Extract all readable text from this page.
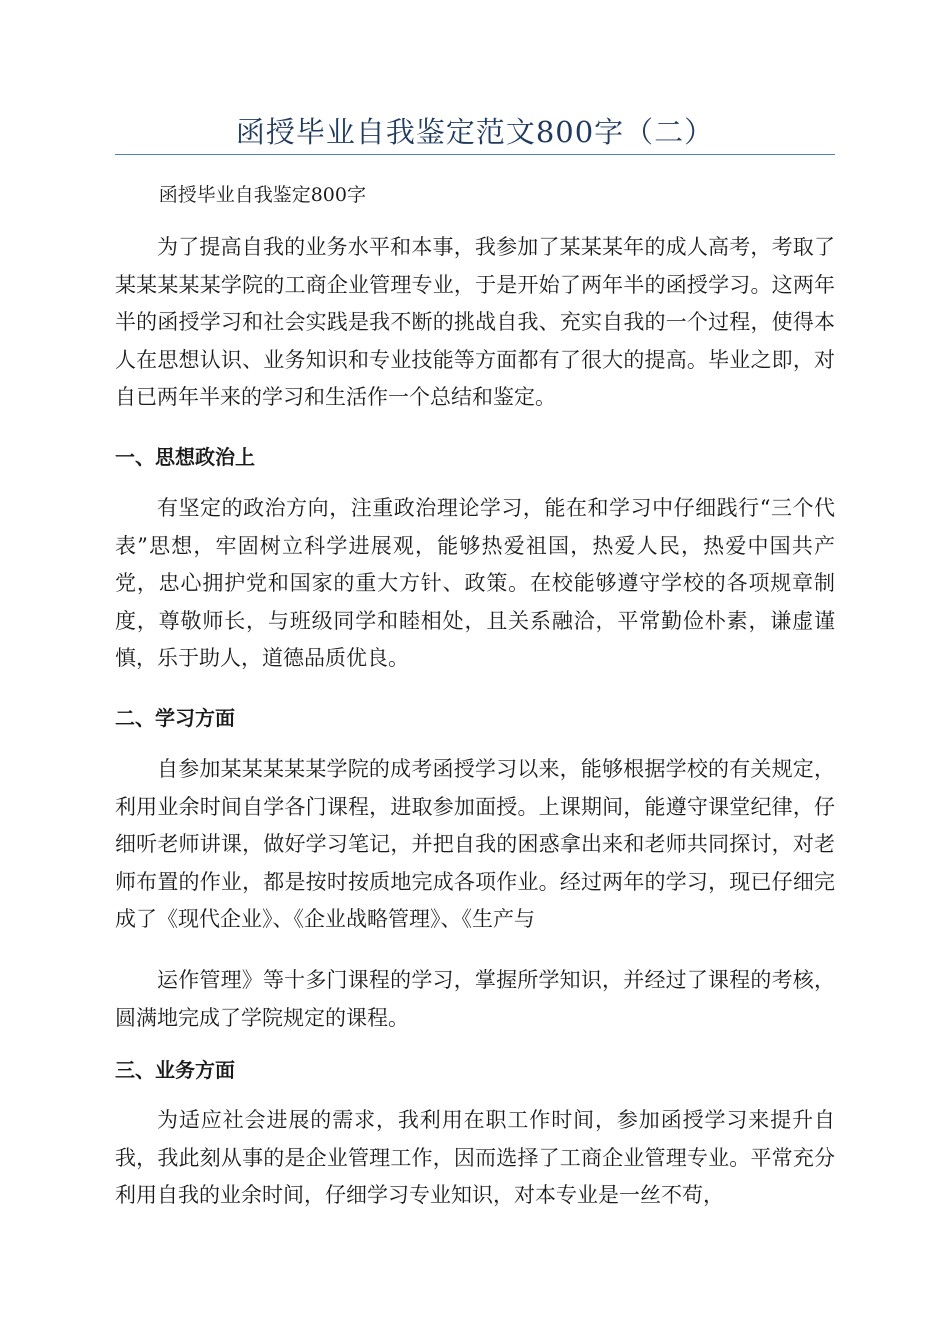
函授毕业自我鉴定范文800字（二）
函授毕业自我鉴定800字
为了提高自我的业务水平和本事，我参加了某某某年的成人高考，考取了某某某某某学院的工商企业管理专业，于是开始了两年半的函授学习。这两年半的函授学习和社会实践是我不断的挑战自我、充实自我的一个过程，使得本人在思想认识、业务知识和专业技能等方面都有了很大的提高。毕业之即，对自已两年半来的学习和生活作一个总结和鉴定。
一、思想政治上
有坚定的政治方向，注重政治理论学习，能在和学习中仔细践行“三个代表”思想，牢固树立科学进展观，能够热爱祖国，热爱人民，热爱中国共产党，忠心拥护党和国家的重大方针、政策。在校能够遵守学校的各项规章制度，尊敬师长，与班级同学和睦相处，且关系融洽，平常勤俭朴素，谦虚谨慎，乐于助人，道德品质优良。
二、学习方面
自参加某某某某某学院的成考函授学习以来，能够根据学校的有关规定，利用业余时间自学各门课程，进取参加面授。上课期间，能遵守课堂纪律，仔细听老师讲课，做好学习笔记，并把自我的困惑拿出来和老师共同探讨，对老师布置的作业，都是按时按质地完成各项作业。经过两年的学习，现已仔细完成了《现代企业》、《企业战略管理》、《生产与
运作管理》等十多门课程的学习，掌握所学知识，并经过了课程的考核，圆满地完成了学院规定的课程。
三、业务方面
为适应社会进展的需求，我利用在职工作时间，参加函授学习来提升自我，我此刻从事的是企业管理工作，因而选择了工商企业管理专业。平常充分利用自我的业余时间，仔细学习专业知识，对本专业是一丝不苟，
